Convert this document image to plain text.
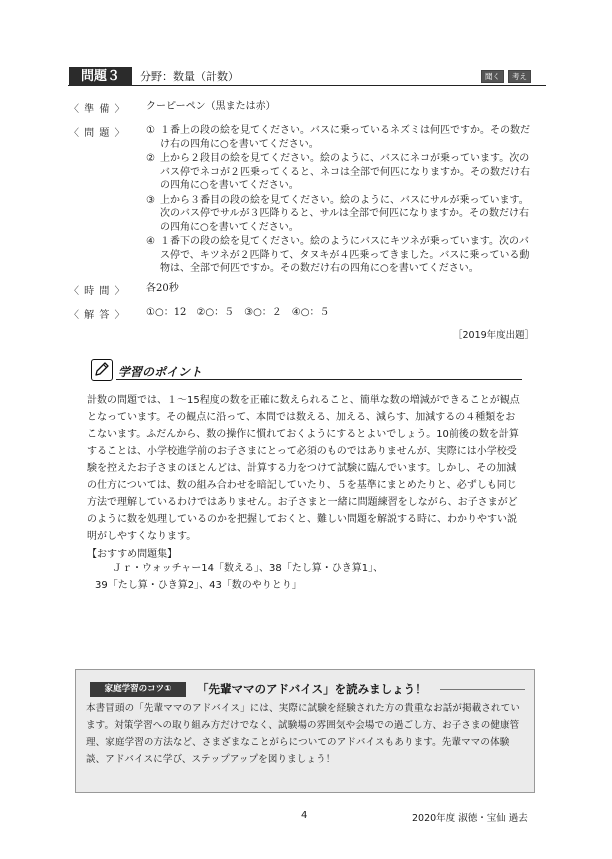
問題３	分野：数量（計数）	聞く	考え
〈 準 備 〉 クーピーペン（黒または赤）
〈 問 題 〉 ① １番上の段の絵を見てください。バスに乗っているネズミは何匹ですか。その数だけ右の四角に○を書いてください。
② 上から２段目の絵を見てください。絵のように、バスにネコが乗っています。次のバス停でネコが２匹乗ってくると、ネコは全部で何匹になりますか。その数だけ右の四角に○を書いてください。
③ 上から３番目の段の絵を見てください。絵のように、バスにサルが乗っています。次のバス停でサルが３匹降りると、サルは全部で何匹になりますか。その数だけ右の四角に○を書いてください。
④ １番下の段の絵を見てください。絵のようにバスにキツネが乗っています。次のバス停で、キツネが２匹降りて、タヌキが４匹乗ってきました。バスに乗っている動物は、全部で何匹ですか。その数だけ右の四角に○を書いてください。
〈 時 間 〉 各20秒
〈 解 答 〉 ①○：12　②○：５　③○：２　④○：５
［2019年度出題］
学習のポイント
計数の問題では、１～15程度の数を正確に数えられること、簡単な数の増減ができることが観点となっています。その観点に沿って、本問では数える、加える、減らす、加減するの４種類をおこないます。ふだんから、数の操作に慣れておくようにするとよいでしょう。10前後の数を計算することは、小学校進学前のお子さまにとって必須のものではありませんが、実際には小学校受験を控えたお子さまのほとんどは、計算する力をつけて試験に臨んでいます。しかし、その加減の仕方については、数の組み合わせを暗記していたり、５を基準にまとめたりと、必ずしも同じ方法で理解しているわけではありません。お子さまと一緒に問題練習をしながら、お子さまがどのように数を処理しているのかを把握しておくと、難しい問題を解説する時に、わかりやすい説明がしやすくなります。
【おすすめ問題集】
Ｊｒ・ウォッチャー14「数える」、38「たし算・ひき算1」、
39「たし算・ひき算2」、43「数のやりとり」
家庭学習のコツ①	「先輩ママのアドバイス」を読みましょう！
本書冒頭の「先輩ママのアドバイス」には、実際に試験を経験された方の貴重なお話が掲載されています。対策学習への取り組み方だけでなく、試験場の雰囲気や会場での過ごし方、お子さまの健康管理、家庭学習の方法など、さまざまなことがらについてのアドバイスもあります。先輩ママの体験談、アドバイスに学び、ステップアップを図りましょう！
4	2020年度 淑徳・宝仙 過去
